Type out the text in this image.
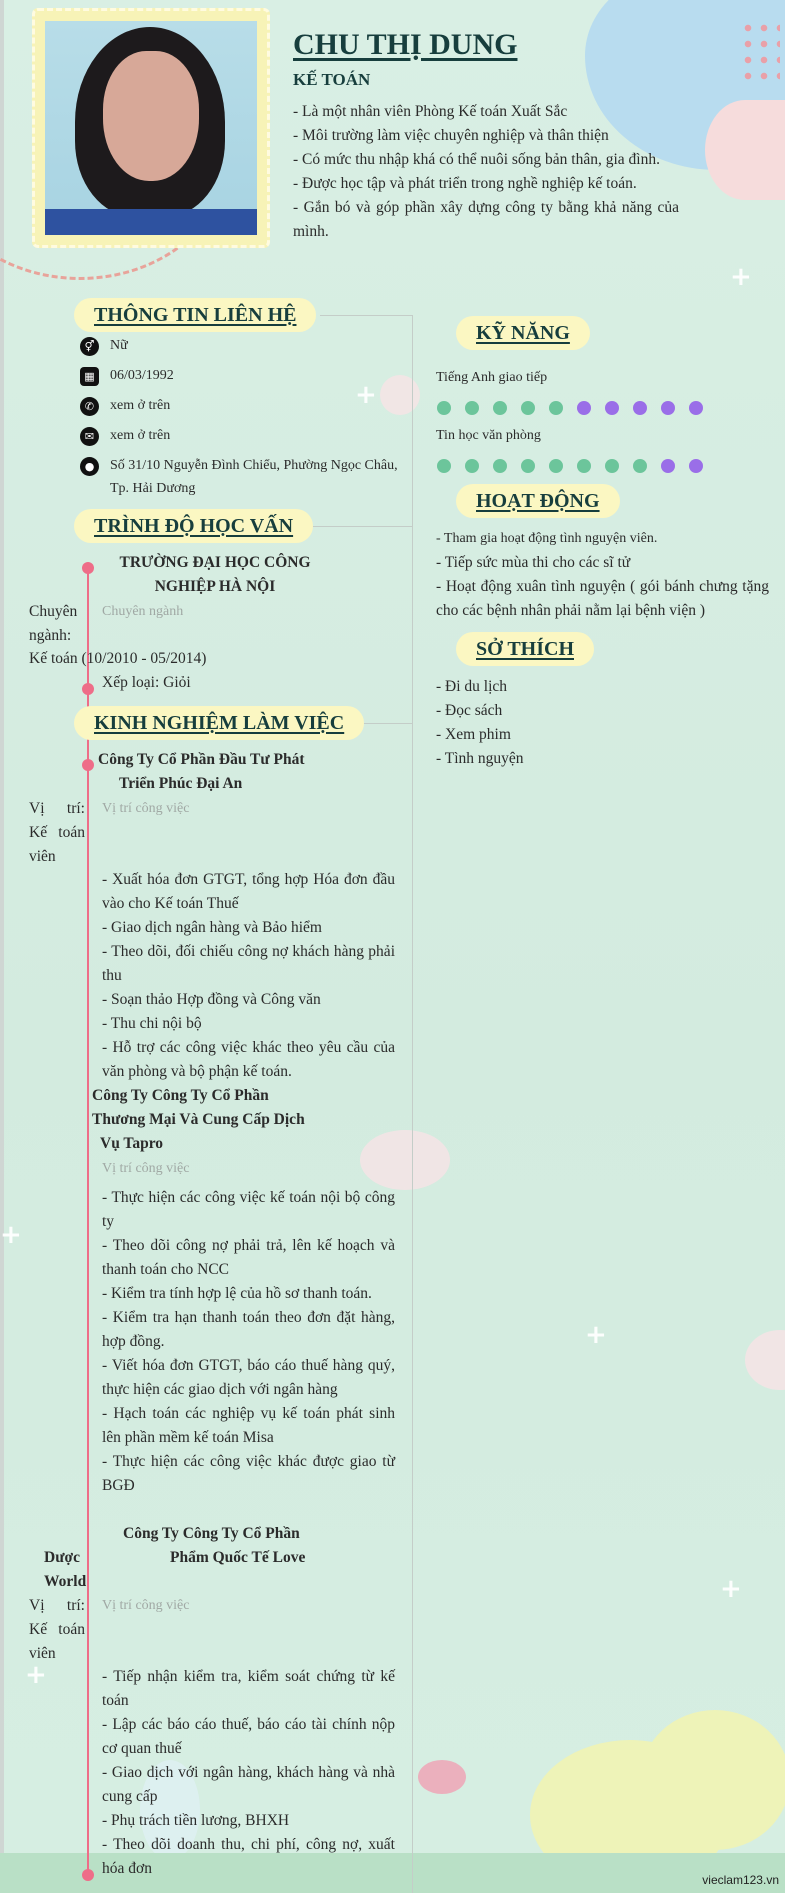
+
+
+
+
+
+
CHU THỊ DUNG
KẾ TOÁN
- Là một nhân viên Phòng Kế toán Xuất Sắc
- Môi trường làm việc chuyên nghiệp và thân thiện
- Có mức thu nhập khá có thể nuôi sống bản thân, gia đình.
- Được học tập và phát triển trong nghề nghiệp kế toán.
- Gắn bó và góp phần xây dựng công ty bằng khả năng của mình.
THÔNG TIN LIÊN HỆ
⚥	Nữ
▦	06/03/1992
✆	xem ở trên
✉	xem ở trên
●	Số 31/10 Nguyễn Đình Chiểu, Phường Ngọc Châu, Tp. Hải Dương
TRÌNH ĐỘ HỌC VẤN
TRƯỜNG ĐẠI HỌC CÔNG NGHIỆP HÀ NỘI
Chuyên ngành:
Chuyên ngành
Kế toán (10/2010 - 05/2014)
Xếp loại: Giỏi
KINH NGHIỆM LÀM VIỆC
Công Ty Cổ Phần Đầu Tư Phát
Triển Phúc Đại An
Vị trí: Kế toán viên
Vị trí công việc
- Xuất hóa đơn GTGT, tổng hợp Hóa đơn đầu vào cho Kế toán Thuế
- Giao dịch ngân hàng và Bảo hiểm
- Theo dõi, đối chiếu công nợ khách hàng phải thu
- Soạn thảo Hợp đồng và Công văn
- Thu chi nội bộ
- Hỗ trợ các công việc khác theo yêu cầu của văn phòng và bộ phận kế toán.
Công Ty Công Ty Cổ Phần
Thương Mại Và Cung Cấp Dịch
Vụ Tapro
Vị trí công việc
- Thực hiện các công việc kế toán nội bộ công ty
- Theo dõi công nợ phải trả, lên kế hoạch và thanh toán cho NCC
- Kiểm tra tính hợp lệ của hồ sơ thanh toán.
- Kiểm tra hạn thanh toán theo đơn đặt hàng, hợp đồng.
- Viết hóa đơn GTGT, báo cáo thuế hàng quý, thực hiện các giao dịch với ngân hàng
- Hạch toán các nghiệp vụ kế toán phát sinh lên phần mềm kế toán Misa
- Thực hiện các công việc khác được giao từ BGĐ
Công Ty Công Ty Cổ Phần
Dược	Phẩm Quốc Tế Love
World
Vị trí: Kế toán viên
Vị trí công việc
- Tiếp nhận kiểm tra, kiểm soát chứng từ kế toán
- Lập các báo cáo thuế, báo cáo tài chính nộp cơ quan thuế
- Giao dịch với ngân hàng, khách hàng và nhà cung cấp
- Phụ trách tiền lương, BHXH
- Theo dõi doanh thu, chi phí, công nợ, xuất hóa đơn
KỸ NĂNG
Tiếng Anh giao tiếp
Tin học văn phòng
HOẠT ĐỘNG
- Tham gia hoạt động tình nguyện viên.
- Tiếp sức mùa thi cho các sĩ tử
- Hoạt động xuân tình nguyện ( gói bánh chưng tặng cho các bệnh nhân phải nằm lại bệnh viện )
SỞ THÍCH
- Đi du lịch
- Đọc sách
- Xem phim
- Tình nguyện
vieclam123.vn
